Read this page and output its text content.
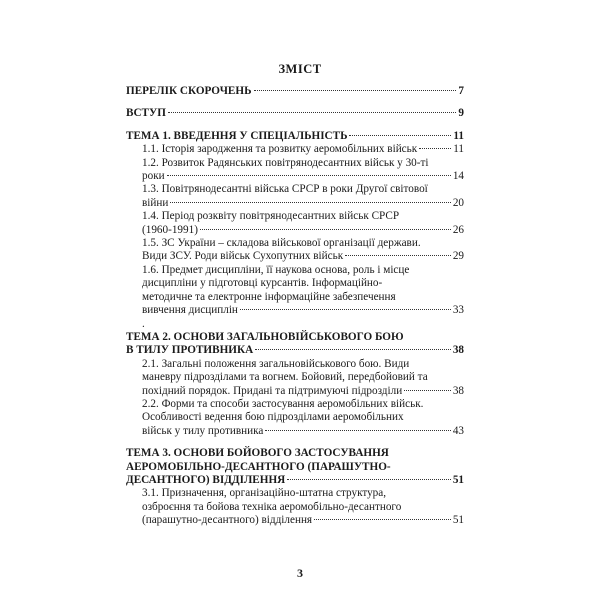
ЗМІСТ
ПЕРЕЛІК СКОРОЧЕНЬ	7
ВСТУП	9
ТЕМА 1. ВВЕДЕННЯ У СПЕЦІАЛЬНІСТЬ	11
1.1. Історія зародження та розвитку аеромобільних військ	11
1.2. Розвиток Радянських повітрянодесантних військ у 30-ті
роки	14
1.3. Повітрянодесантні війська СРСР в роки Другої світової
війни	20
1.4. Період розквіту повітрянодесантних військ СРСР
(1960-1991)	26
1.5. ЗС України – складова військової організації держави.
Види ЗСУ. Роди військ Сухопутних військ	29
1.6. Предмет дисципліни, її наукова основа, роль і місце
дисципліни у підготовці курсантів. Інформаційно-
методичне та електронне інформаційне забезпечення
вивчення дисциплін	33
.
ТЕМА 2. ОСНОВИ ЗАГАЛЬНОВІЙСЬКОВОГО БОЮ
В ТИЛУ ПРОТИВНИКА	38
2.1. Загальні положення загальновійськового бою. Види
маневру підрозділами та вогнем. Бойовий, передбойовий та
похідний порядок. Придані та підтримуючі підрозділи	38
2.2. Форми та способи застосування аеромобільних військ.
Особливості ведення бою підрозділами аеромобільних
військ у тилу противника	43
ТЕМА 3. ОСНОВИ БОЙОВОГО ЗАСТОСУВАННЯ
АЕРОМОБІЛЬНО-ДЕСАНТНОГО (ПАРАШУТНО-
ДЕСАНТНОГО) ВІДДІЛЕННЯ	51
3.1. Призначення, організаційно-штатна структура,
озброєння та бойова техніка аеромобільно-десантного
(парашутно-десантного) відділення	51
3
